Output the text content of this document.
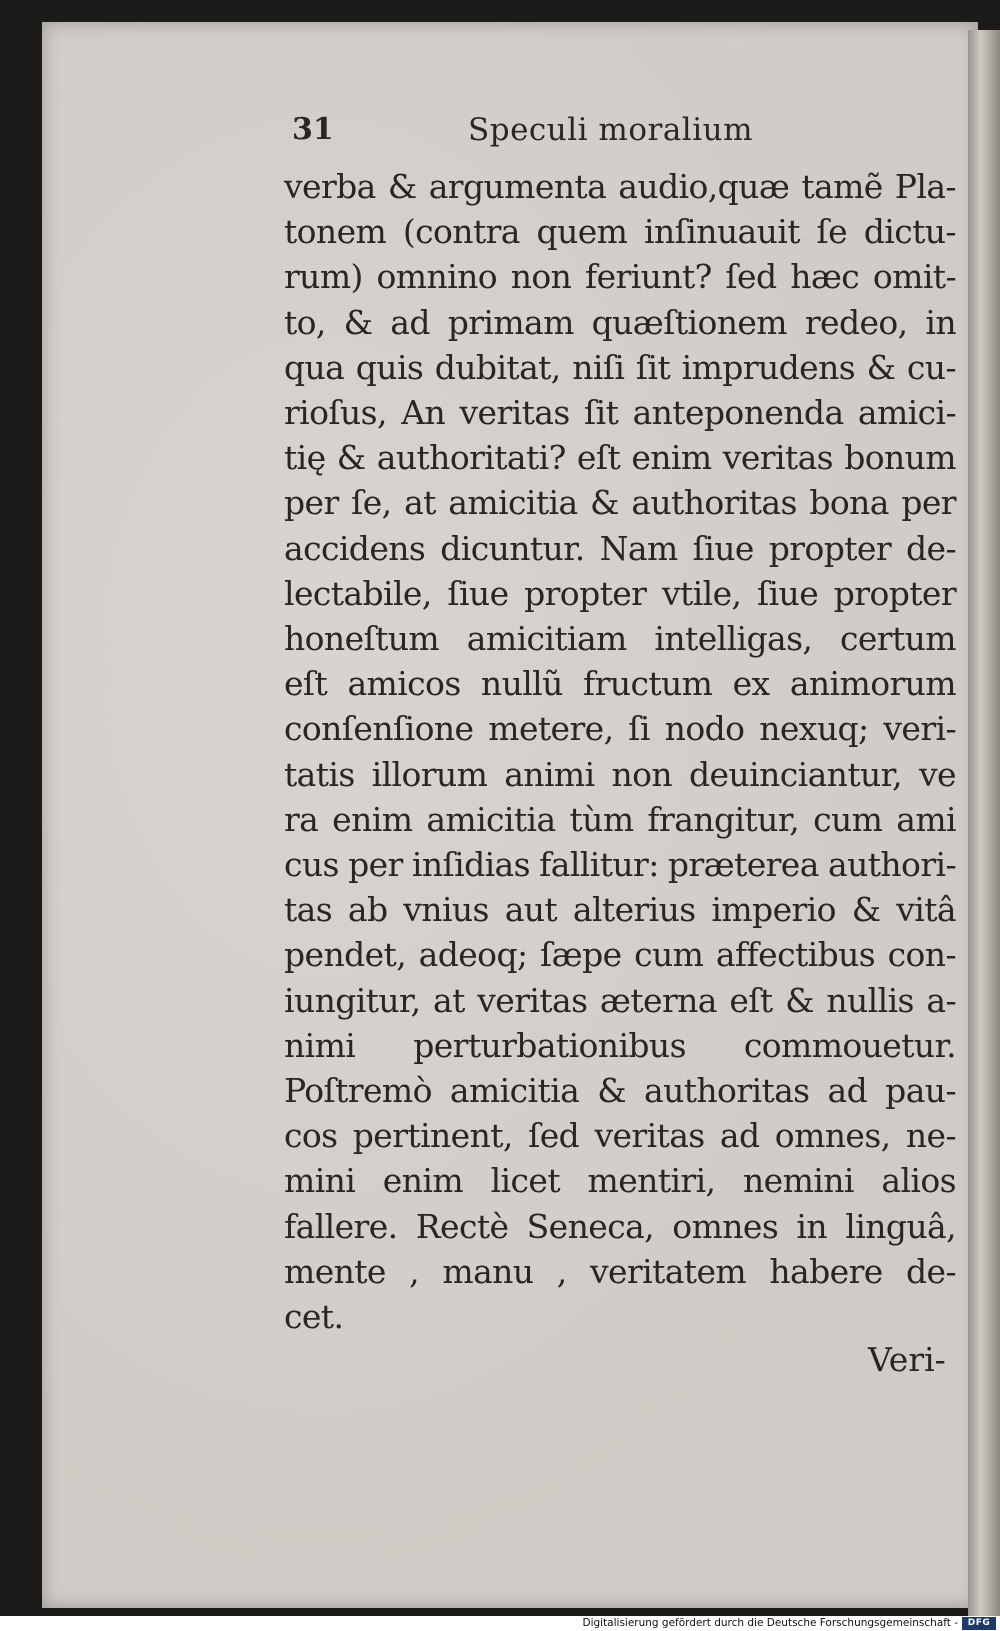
31	Speculi moralium
verba & argumenta audio,quæ tamẽ Pla-
tonem (contra quem inſinuauit ſe dictu-
rum) omnino non feriunt? ſed hæc omit-
to, & ad primam quæſtionem redeo, in
qua quis dubitat, niſi ſit imprudens & cu-
rioſus, An veritas ſit anteponenda amici-
tię & authoritati? eſt enim veritas bonum
per ſe, at amicitia & authoritas bona per
accidens dicuntur. Nam ſiue propter de-
lectabile, ſiue propter vtile, ſiue propter
honeſtum amicitiam intelligas, certum
eſt amicos nullũ fructum ex animorum
conſenſione metere, ſi nodo nexuq; veri-
tatis illorum animi non deuinciantur, ve
ra enim amicitia tùm frangitur, cum ami
cus per inſidias fallitur: præterea authori-
tas ab vnius aut alterius imperio & vitâ
pendet, adeoq; ſæpe cum affectibus con-
iungitur, at veritas æterna eſt & nullis a-
nimi perturbationibus commouetur.
Poſtremò amicitia & authoritas ad pau-
cos pertinent, ſed veritas ad omnes, ne-
mini enim licet mentiri, nemini alios
fallere. Rectè Seneca, omnes in linguâ,
mente , manu , veritatem habere de-
cet.
Veri-
Digitalisierung gefördert durch die Deutsche Forschungsgemeinschaft -	DFG
